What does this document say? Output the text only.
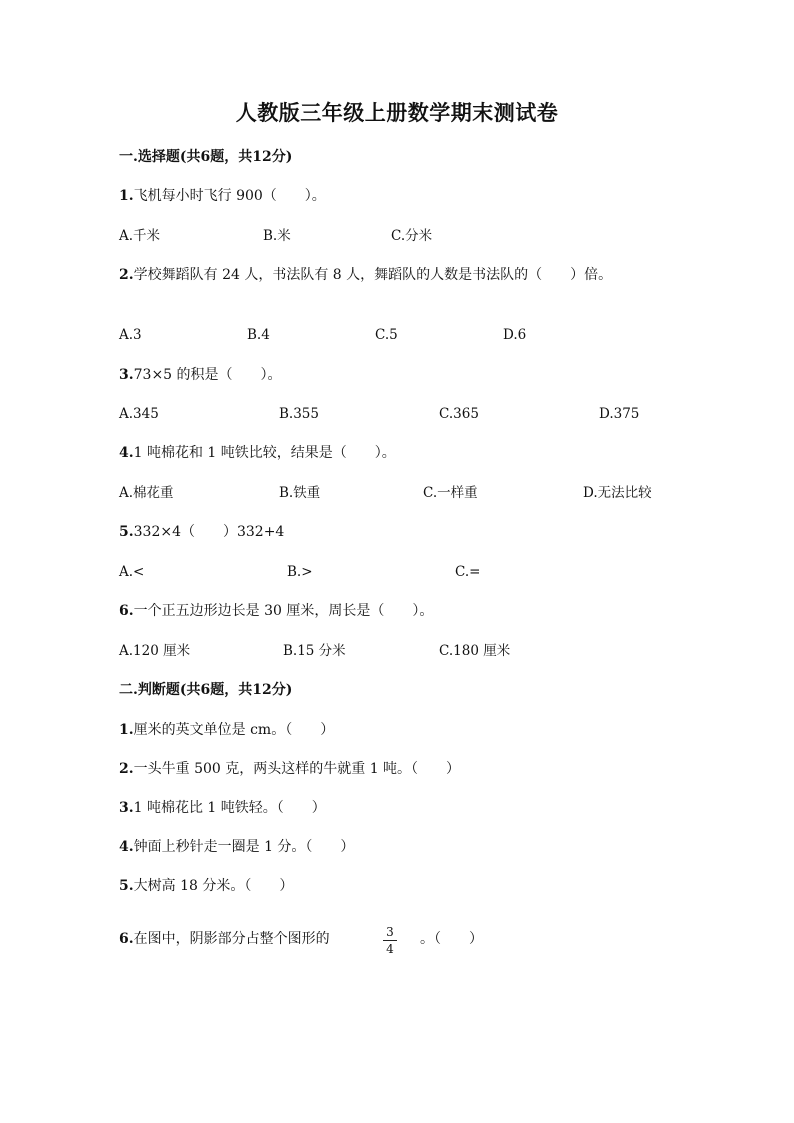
人教版三年级上册数学期末测试卷
一.选择题(共6题，共12分)
1.飞机每小时飞行 900（　　）。
A.千米	B.米	C.分米
2.学校舞蹈队有 24 人，书法队有 8 人，舞蹈队的人数是书法队的（　　）倍。
A.3	B.4	C.5	D.6
3.73×5 的积是（　　）。
A.345	B.355	C.365	D.375
4.1 吨棉花和 1 吨铁比较，结果是（　　）。
A.棉花重	B.铁重	C.一样重	D.无法比较
5.332×4（　　）332+4
A.<	B.>	C.=
6.一个正五边形边长是 30 厘米，周长是（　　）。
A.120 厘米	B.15 分米	C.180 厘米
二.判断题(共6题，共12分)
1.厘米的英文单位是 cm。（　　）
2.一头牛重 500 克，两头这样的牛就重 1 吨。（　　）
3.1 吨棉花比 1 吨铁轻。（　　）
4.钟面上秒针走一圈是 1 分。（　　）
5.大树高 18 分米。（　　）
6.在图中，阴影部分占整个图形的	3
4
。（　　）
